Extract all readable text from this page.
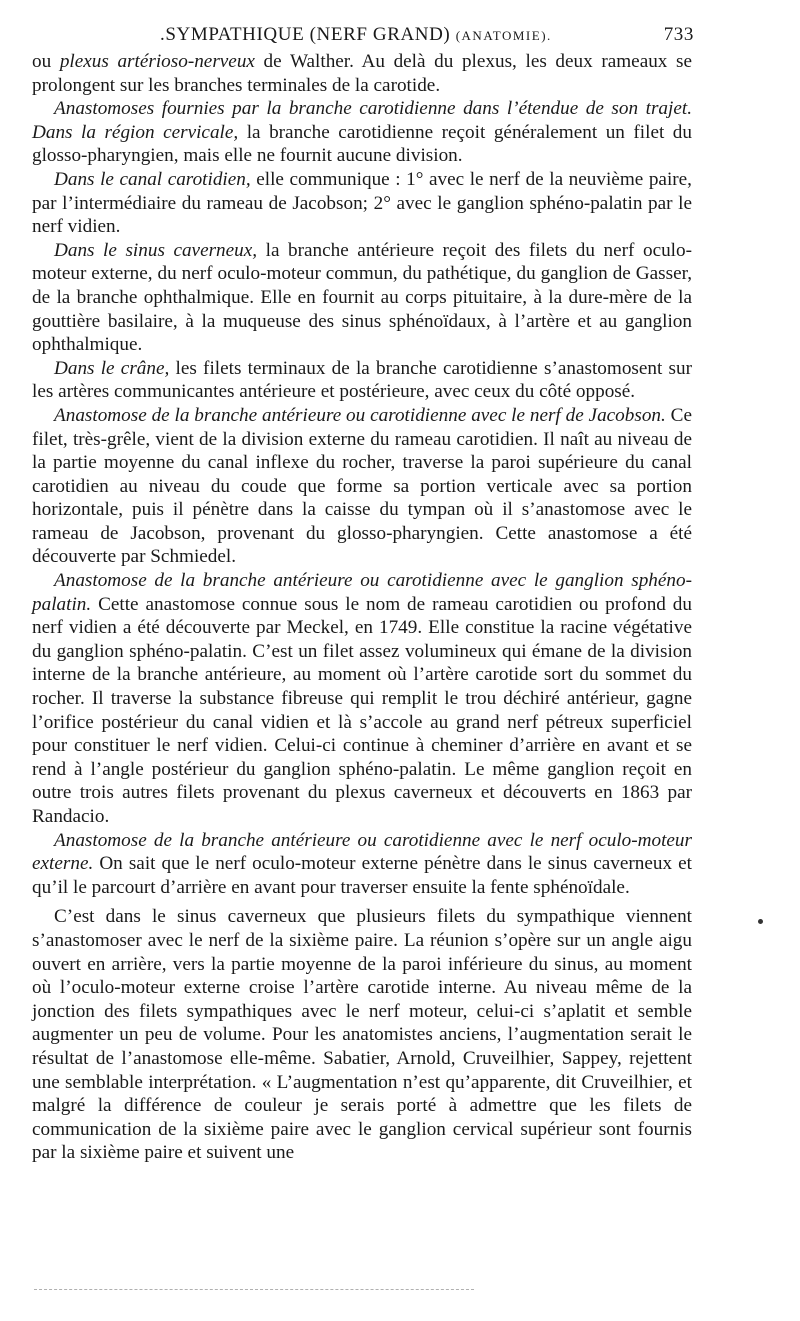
.SYMPATHIQUE (NERF GRAND) (ANATOMIE).	733

ou plexus artérioso-nerveux de Walther. Au delà du plexus, les deux rameaux se prolongent sur les branches terminales de la carotide.

Anastomoses fournies par la branche carotidienne dans l’étendue de son trajet. Dans la région cervicale, la branche carotidienne reçoit généralement un filet du glosso-pharyngien, mais elle ne fournit aucune division.

Dans le canal carotidien, elle communique : 1° avec le nerf de la neuvième paire, par l’intermédiaire du rameau de Jacobson; 2° avec le ganglion sphéno-palatin par le nerf vidien.

Dans le sinus caverneux, la branche antérieure reçoit des filets du nerf oculo-moteur externe, du nerf oculo-moteur commun, du pathétique, du ganglion de Gasser, de la branche ophthalmique. Elle en fournit au corps pituitaire, à la dure-mère de la gouttière basilaire, à la muqueuse des sinus sphénoïdaux, à l’artère et au ganglion ophthalmique.

Dans le crâne, les filets terminaux de la branche carotidienne s’anastomosent sur les artères communicantes antérieure et postérieure, avec ceux du côté opposé.

Anastomose de la branche antérieure ou carotidienne avec le nerf de Jacobson. Ce filet, très-grêle, vient de la division externe du rameau carotidien. Il naît au niveau de la partie moyenne du canal inflexe du rocher, traverse la paroi supérieure du canal carotidien au niveau du coude que forme sa portion verticale avec sa portion horizontale, puis il pénètre dans la caisse du tympan où il s’anastomose avec le rameau de Jacobson, provenant du glosso-pharyngien. Cette anastomose a été découverte par Schmiedel.

Anastomose de la branche antérieure ou carotidienne avec le ganglion sphéno-palatin. Cette anastomose connue sous le nom de rameau carotidien ou profond du nerf vidien a été découverte par Meckel, en 1749. Elle constitue la racine végétative du ganglion sphéno-palatin. C’est un filet assez volumineux qui émane de la division interne de la branche antérieure, au moment où l’artère carotide sort du sommet du rocher. Il traverse la substance fibreuse qui remplit le trou déchiré antérieur, gagne l’orifice postérieur du canal vidien et là s’accole au grand nerf pétreux superficiel pour constituer le nerf vidien. Celui-ci continue à cheminer d’arrière en avant et se rend à l’angle postérieur du ganglion sphéno-palatin. Le même ganglion reçoit en outre trois autres filets provenant du plexus caverneux et découverts en 1863 par Randacio.

Anastomose de la branche antérieure ou carotidienne avec le nerf oculo-moteur externe. On sait que le nerf oculo-moteur externe pénètre dans le sinus caverneux et qu’il le parcourt d’arrière en avant pour traverser ensuite la fente sphénoïdale.

C’est dans le sinus caverneux que plusieurs filets du sympathique viennent s’anastomoser avec le nerf de la sixième paire. La réunion s’opère sur un angle aigu ouvert en arrière, vers la partie moyenne de la paroi inférieure du sinus, au moment où l’oculo-moteur externe croise l’artère carotide interne. Au niveau même de la jonction des filets sympathiques avec le nerf moteur, celui-ci s’aplatit et semble augmenter un peu de volume. Pour les anatomistes anciens, l’augmentation serait le résultat de l’anastomose elle-même. Sabatier, Arnold, Cruveilhier, Sappey, rejettent une semblable interprétation. « L’augmentation n’est qu’apparente, dit Cruveilhier, et malgré la différence de couleur je serais porté à admettre que les filets de communication de la sixième paire avec le ganglion cervical supérieur sont fournis par la sixième paire et suivent une
